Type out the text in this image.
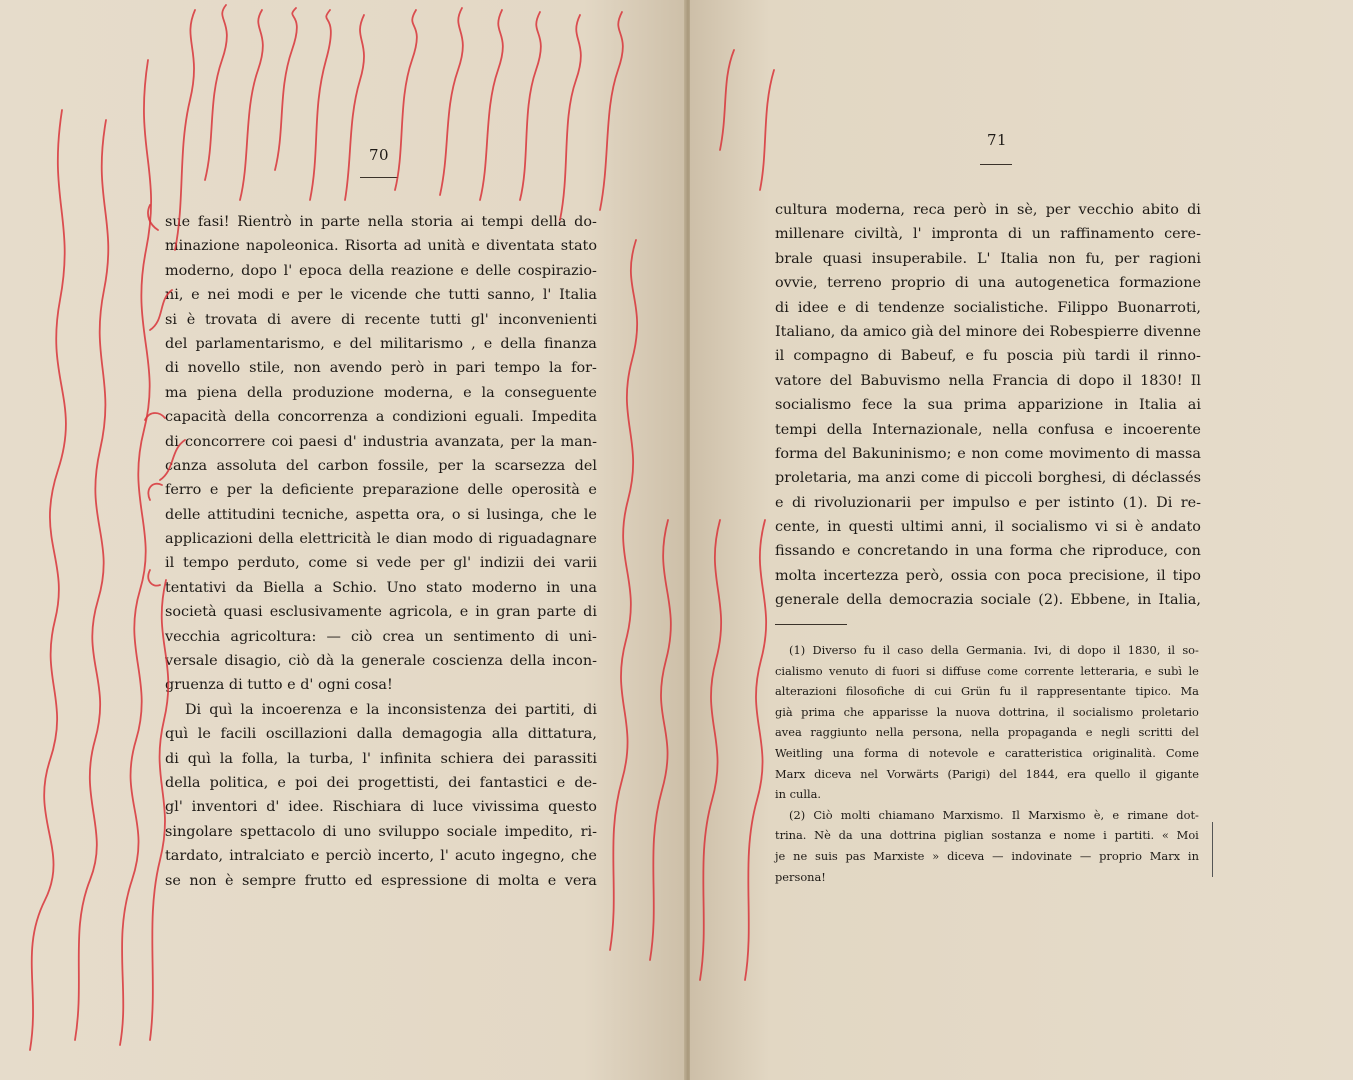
70
sue fasi! Rientrò in parte nella storia ai tempi della do-
minazione napoleonica. Risorta ad unità e diventata stato
moderno, dopo l' epoca della reazione e delle cospirazio-
ni, e nei modi e per le vicende che tutti sanno, l' Italia
si è trovata di avere di recente tutti gl' inconvenienti
del parlamentarismo, e del militarismo , e della finanza
di novello stile, non avendo però in pari tempo la for-
ma piena della produzione moderna, e la conseguente
capacità della concorrenza a condizioni eguali. Impedita
di concorrere coi paesi d' industria avanzata, per la man-
canza assoluta del carbon fossile, per la scarsezza del
ferro e per la deficiente preparazione delle operosità e
delle attitudini tecniche, aspetta ora, o si lusinga, che le
applicazioni della elettricità le dian modo di riguadagnare
il tempo perduto, come si vede per gl' indizii dei varii
tentativi da Biella a Schio. Uno stato moderno in una
società quasi esclusivamente agricola, e in gran parte di
vecchia agricoltura: — ciò crea un sentimento di uni-
versale disagio, ciò dà la generale coscienza della incon-
gruenza di tutto e d' ogni cosa!
Di quì la incoerenza e la inconsistenza dei partiti, di
quì le facili oscillazioni dalla demagogia alla dittatura,
di quì la folla, la turba, l' infinita schiera dei parassiti
della politica, e poi dei progettisti, dei fantastici e de-
gl' inventori d' idee. Rischiara di luce vivissima questo
singolare spettacolo di uno sviluppo sociale impedito, ri-
tardato, intralciato e perciò incerto, l' acuto ingegno, che
se non è sempre frutto ed espressione di molta e vera
71
cultura moderna, reca però in sè, per vecchio abito di
millenare civiltà, l' impronta di un raffinamento cere-
brale quasi insuperabile. L' Italia non fu, per ragioni
ovvie, terreno proprio di una autogenetica formazione
di idee e di tendenze socialistiche. Filippo Buonarroti,
Italiano, da amico già del minore dei Robespierre divenne
il compagno di Babeuf, e fu poscia più tardi il rinno-
vatore del Babuvismo nella Francia di dopo il 1830! Il
socialismo fece la sua prima apparizione in Italia ai
tempi della Internazionale, nella confusa e incoerente
forma del Bakuninismo; e non come movimento di massa
proletaria, ma anzi come di piccoli borghesi, di déclassés
e di rivoluzionarii per impulso e per istinto (1). Di re-
cente, in questi ultimi anni, il socialismo vi si è andato
fissando e concretando in una forma che riproduce, con
molta incertezza però, ossia con poca precisione, il tipo
generale della democrazia sociale (2). Ebbene, in Italia,
(1) Diverso fu il caso della Germania. Ivi, di dopo il 1830, il so-
cialismo venuto di fuori si diffuse come corrente letteraria, e subì le
alterazioni filosofiche di cui Grün fu il rappresentante tipico. Ma
già prima che apparisse la nuova dottrina, il socialismo proletario
avea raggiunto nella persona, nella propaganda e negli scritti del
Weitling una forma di notevole e caratteristica originalità. Come
Marx diceva nel Vorwärts (Parigi) del 1844, era quello il gigante
in culla.
(2) Ciò molti chiamano Marxismo. Il Marxismo è, e rimane dot-
trina. Nè da una dottrina piglian sostanza e nome i partiti. « Moi
je ne suis pas Marxiste » diceva — indovinate — proprio Marx in
persona!
